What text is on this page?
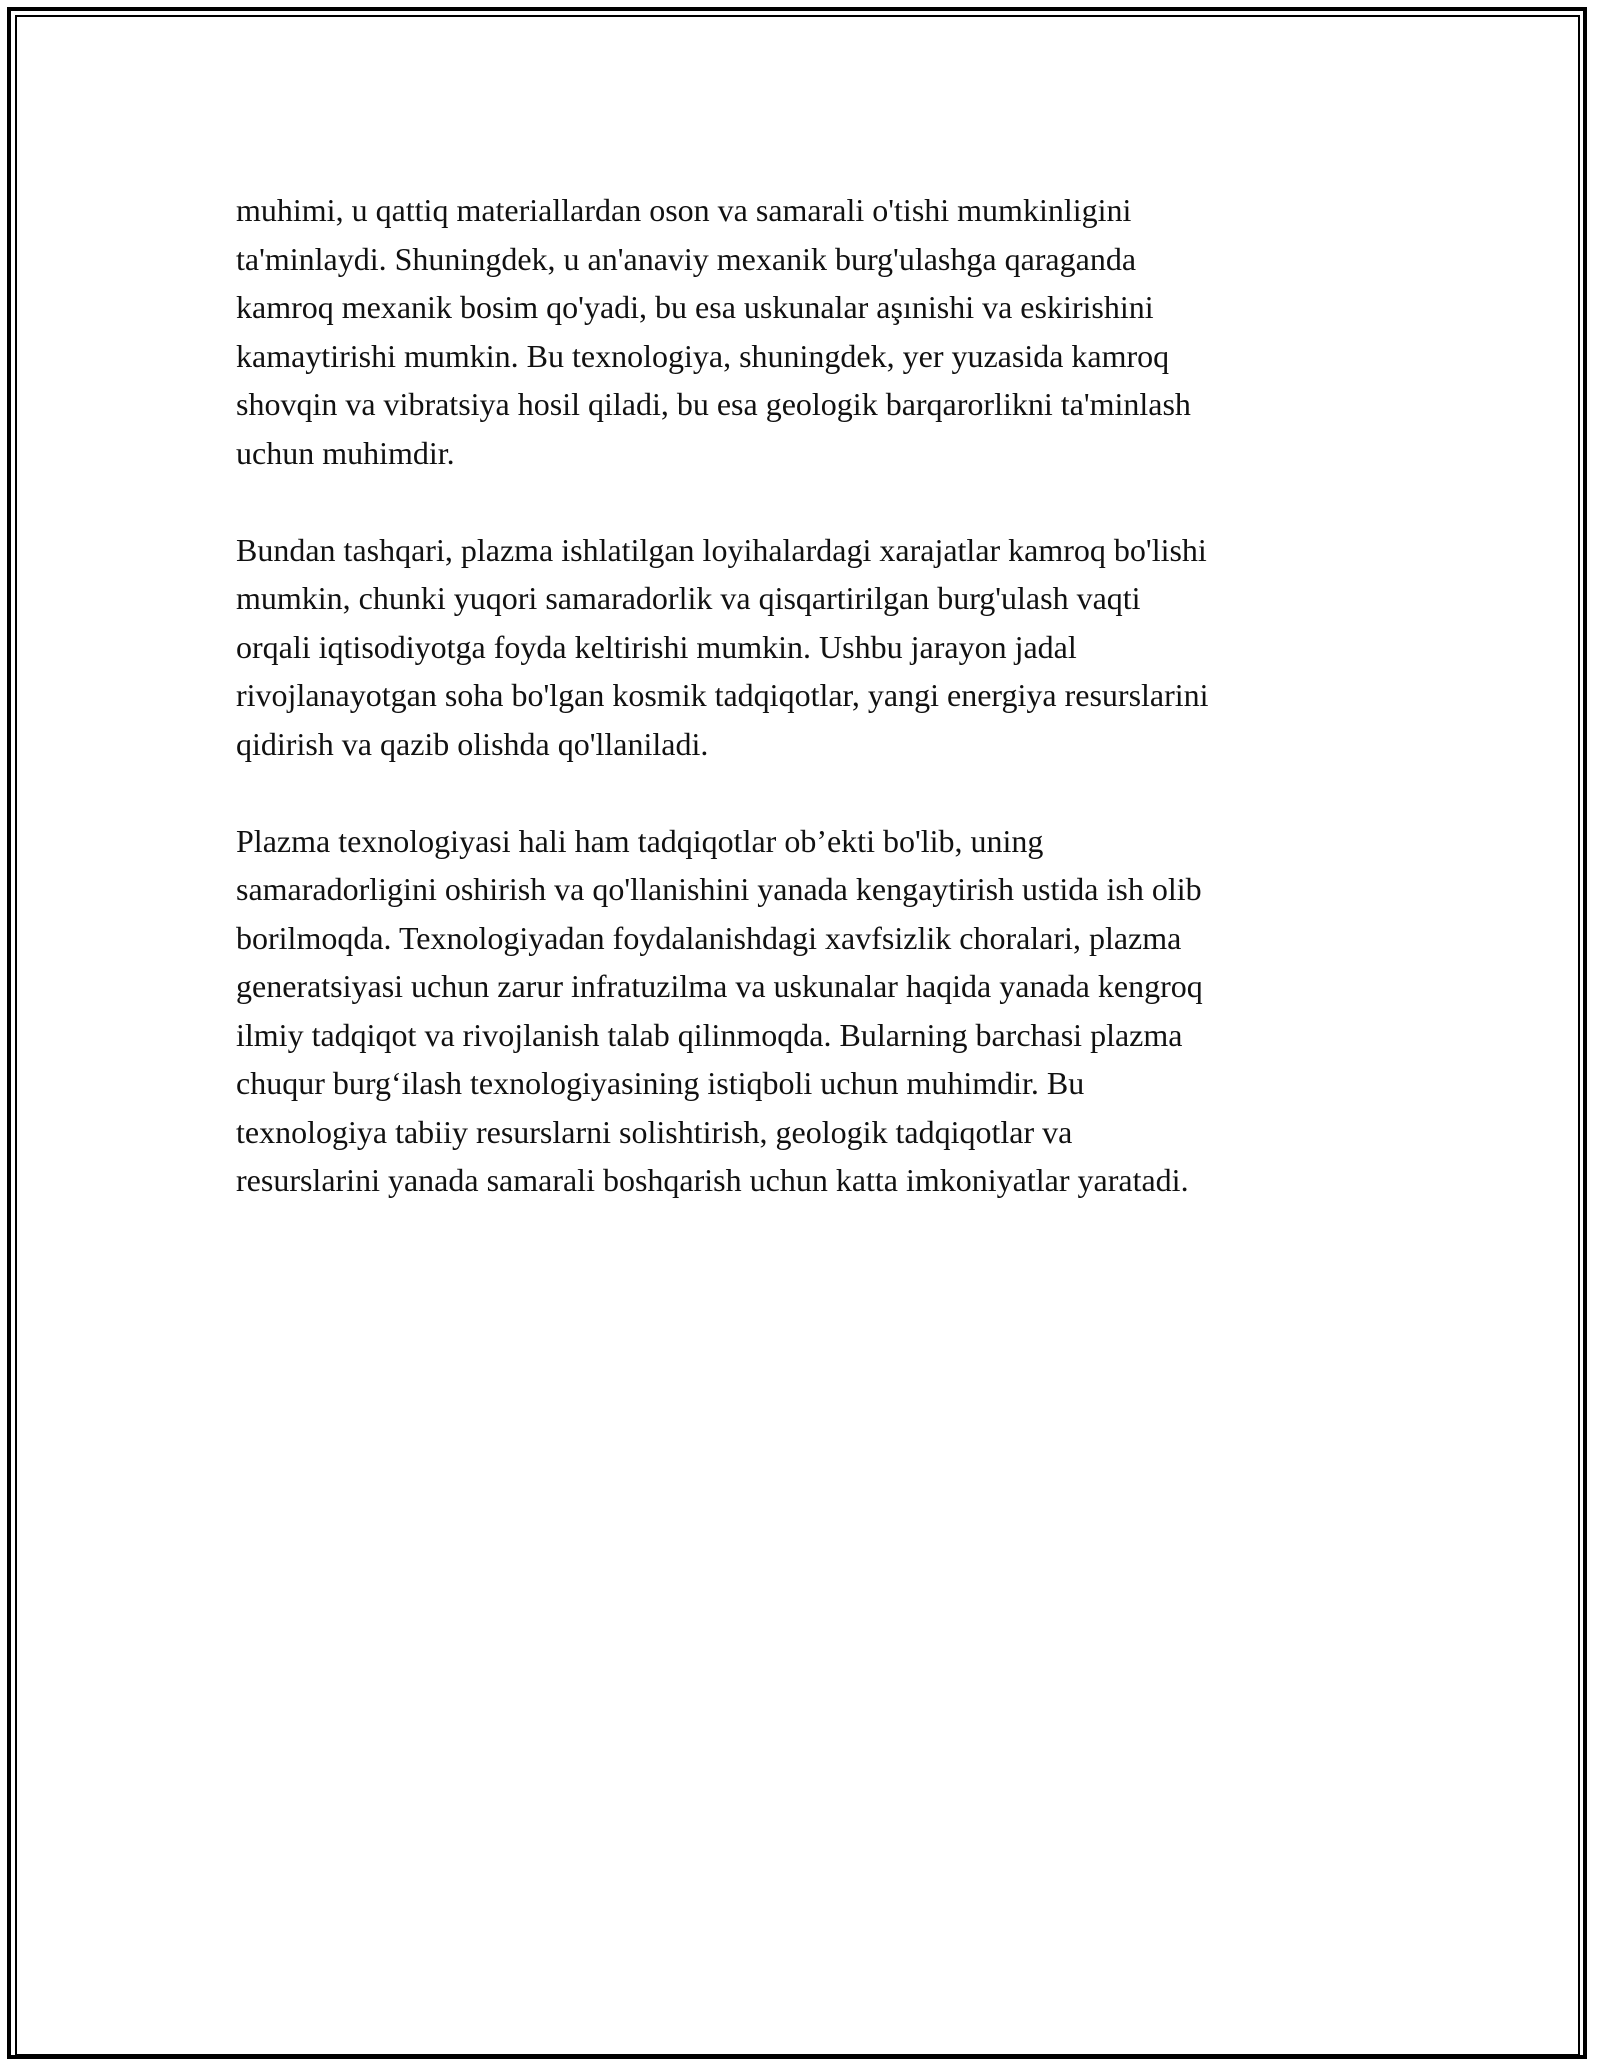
muhimi, u qattiq materiallardan oson va samarali o'tishi mumkinligini
ta'minlaydi. Shuningdek, u an'anaviy mexanik burg'ulashga qaraganda
kamroq mexanik bosim qo'yadi, bu esa uskunalar aşınishi va eskirishini
kamaytirishi mumkin. Bu texnologiya, shuningdek, yer yuzasida kamroq
shovqin va vibratsiya hosil qiladi, bu esa geologik barqarorlikni ta'minlash
uchun muhimdir.

Bundan tashqari, plazma ishlatilgan loyihalardagi xarajatlar kamroq bo'lishi
mumkin, chunki yuqori samaradorlik va qisqartirilgan burg'ulash vaqti
orqali iqtisodiyotga foyda keltirishi mumkin. Ushbu jarayon jadal
rivojlanayotgan soha bo'lgan kosmik tadqiqotlar, yangi energiya resurslarini
qidirish va qazib olishda qo'llaniladi.

Plazma texnologiyasi hali ham tadqiqotlar ob’ekti bo'lib, uning
samaradorligini oshirish va qo'llanishini yanada kengaytirish ustida ish olib
borilmoqda. Texnologiyadan foydalanishdagi xavfsizlik choralari, plazma
generatsiyasi uchun zarur infratuzilma va uskunalar haqida yanada kengroq
ilmiy tadqiqot va rivojlanish talab qilinmoqda. Bularning barchasi plazma
chuqur burg‘ilash texnologiyasining istiqboli uchun muhimdir. Bu
texnologiya tabiiy resurslarni solishtirish, geologik tadqiqotlar va
resurslarini yanada samarali boshqarish uchun katta imkoniyatlar yaratadi.
